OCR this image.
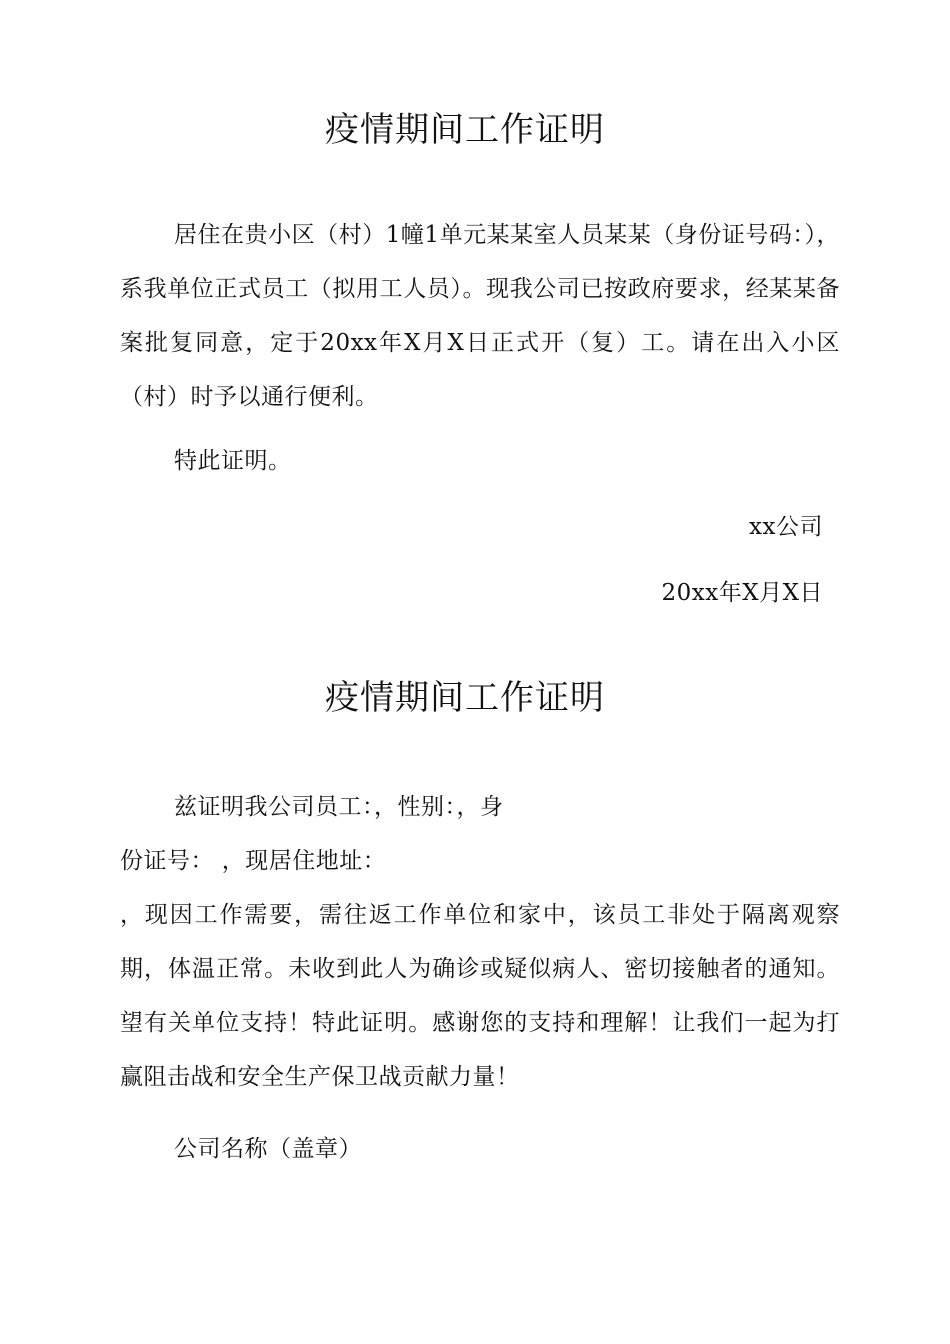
疫情期间工作证明

居住在贵小区（村）1幢1单元某某室人员某某（身份证号码：），系我单位正式员工（拟用工人员）。现我公司已按政府要求，经某某备案批复同意，定于20xx年X月X日正式开（复）工。请在出入小区（村）时予以通行便利。

特此证明。

xx公司

20xx年X月X日

疫情期间工作证明

兹证明我公司员工：，性别：，身

份证号： ，现居住地址：

，现因工作需要，需往返工作单位和家中，该员工非处于隔离观察期，体温正常。未收到此人为确诊或疑似病人、密切接触者的通知。望有关单位支持！特此证明。感谢您的支持和理解！让我们一起为打赢阻击战和安全生产保卫战贡献力量！

公司名称（盖章）
